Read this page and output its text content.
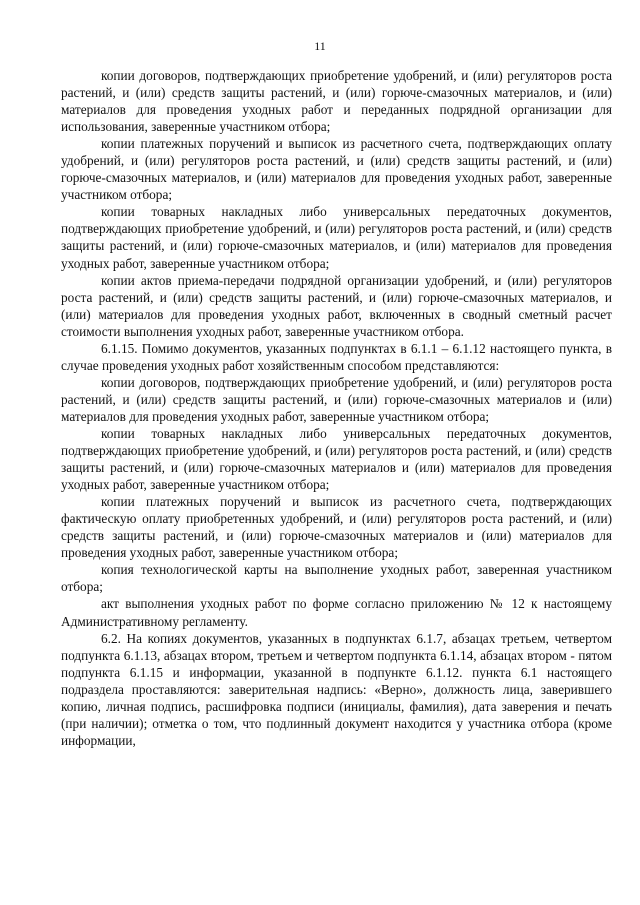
11

копии договоров, подтверждающих приобретение удобрений, и (или) регуляторов роста растений, и (или) средств защиты растений, и (или) горюче-смазочных материалов, и (или) материалов для проведения уходных работ и переданных подрядной организации для использования, заверенные участником отбора;

копии платежных поручений и выписок из расчетного счета, подтверждающих оплату удобрений, и (или) регуляторов роста растений, и (или) средств защиты растений, и (или) горюче-смазочных материалов, и (или) материалов для проведения уходных работ, заверенные участником отбора;

копии товарных накладных либо универсальных передаточных документов, подтверждающих приобретение удобрений, и (или) регуляторов роста растений, и (или) средств защиты растений, и (или) горюче-смазочных материалов, и (или) материалов для проведения уходных работ, заверенные участником отбора;

копии актов приема-передачи подрядной организации удобрений, и (или) регуляторов роста растений, и (или) средств защиты растений, и (или) горюче-смазочных материалов, и (или) материалов для проведения уходных работ, включенных в сводный сметный расчет стоимости выполнения уходных работ, заверенные участником отбора.

6.1.15. Помимо документов, указанных подпунктах в 6.1.1 – 6.1.12 настоящего пункта, в случае проведения уходных работ хозяйственным способом представляются:

копии договоров, подтверждающих приобретение удобрений, и (или) регуляторов роста растений, и (или) средств защиты растений, и (или) горюче-смазочных материалов и (или) материалов для проведения уходных работ, заверенные участником отбора;

копии товарных накладных либо универсальных передаточных документов, подтверждающих приобретение удобрений, и (или) регуляторов роста растений, и (или) средств защиты растений, и (или) горюче-смазочных материалов и (или) материалов для проведения уходных работ, заверенные участником отбора;

копии платежных поручений и выписок из расчетного счета, подтверждающих фактическую оплату приобретенных удобрений, и (или) регуляторов роста растений, и (или) средств защиты растений, и (или) горюче-смазочных материалов и (или) материалов для проведения уходных работ, заверенные участником отбора;

копия технологической карты на выполнение уходных работ, заверенная участником отбора;

акт выполнения уходных работ по форме согласно приложению № 12 к настоящему Административному регламенту.

6.2. На копиях документов, указанных в подпунктах 6.1.7, абзацах третьем, четвертом подпункта 6.1.13, абзацах втором, третьем и четвертом подпункта 6.1.14, абзацах втором - пятом подпункта 6.1.15 и информации, указанной в подпункте 6.1.12. пункта 6.1 настоящего подраздела проставляются: заверительная надпись: «Верно», должность лица, заверившего копию, личная подпись, расшифровка подписи (инициалы, фамилия), дата заверения и печать (при наличии); отметка о том, что подлинный документ находится у участника отбора (кроме информации,
